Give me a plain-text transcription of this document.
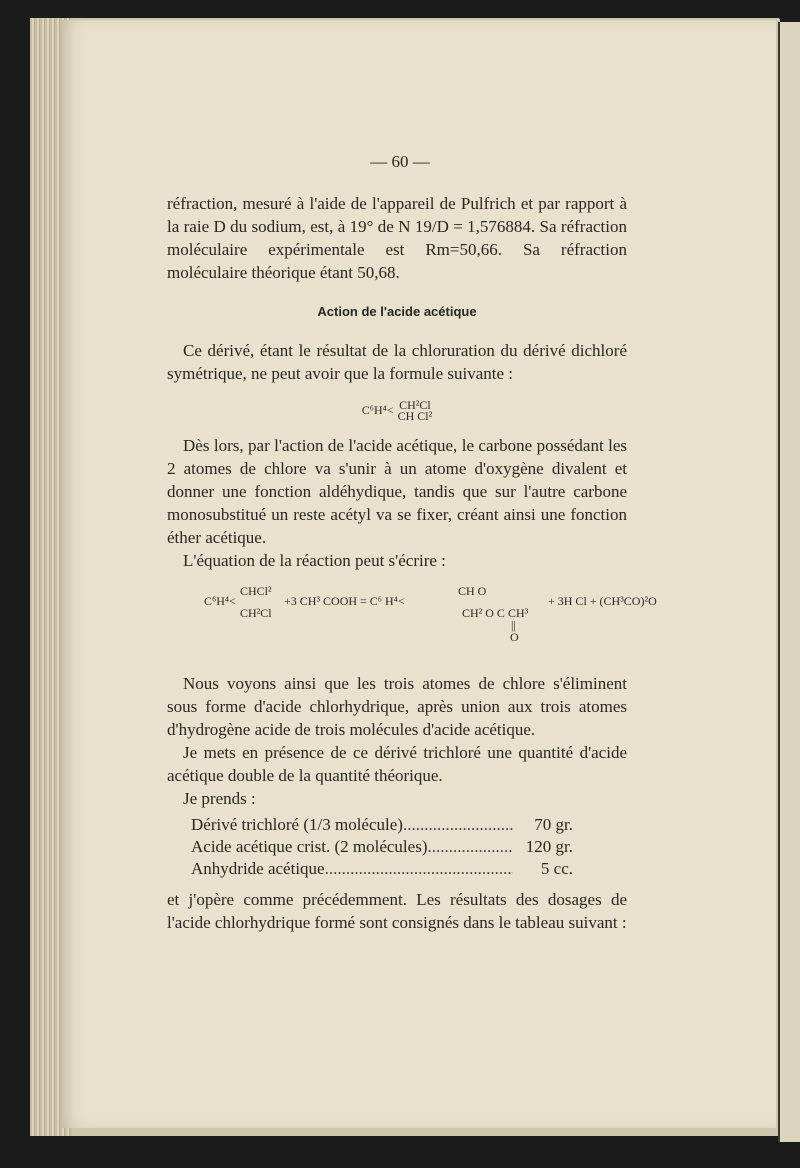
— 60 —

réfraction, mesuré à l'aide de l'appareil de Pulfrich et par rapport à la raie D du sodium, est, à 19° de N 19/D = 1,576884. Sa réfraction moléculaire expérimentale est Rm=50,66. Sa réfraction moléculaire théorique étant 50,68.

Action de l'acide acétique

Ce dérivé, étant le résultat de la chloruration du dérivé dichloré symétrique, ne peut avoir que la formule suivante :

C⁶H⁴< CH²Cl
CH Cl²

Dès lors, par l'action de l'acide acétique, le carbone possédant les 2 atomes de chlore va s'unir à un atome d'oxygène divalent et donner une fonction aldéhydique, tandis que sur l'autre carbone monosubstitué un reste acétyl va se fixer, créant ainsi une fonction éther acétique.

L'équation de la réaction peut s'écrire :

Nous voyons ainsi que les trois atomes de chlore s'éliminent sous forme d'acide chlorhydrique, après union aux trois atomes d'hydrogène acide de trois molécules d'acide acétique.

Je mets en présence de ce dérivé trichloré une quantité d'acide acétique double de la quantité théorique.

Je prends :

Dérivé trichloré (1/3 molécule) .....	70 gr.
Acide acétique crist. (2 molécules) .....	120 gr.
Anhydride acétique .....	5 cc.

et j'opère comme précédemment. Les résultats des dosages de l'acide chlorhydrique formé sont consignés dans le tableau suivant :

C⁶H⁴<
CHCl²
CH²Cl
+3 CH³ COOH = C⁶ H⁴<
CH O
CH² O C CH³
||
O
+ 3H Cl + (CH³CO)²O
